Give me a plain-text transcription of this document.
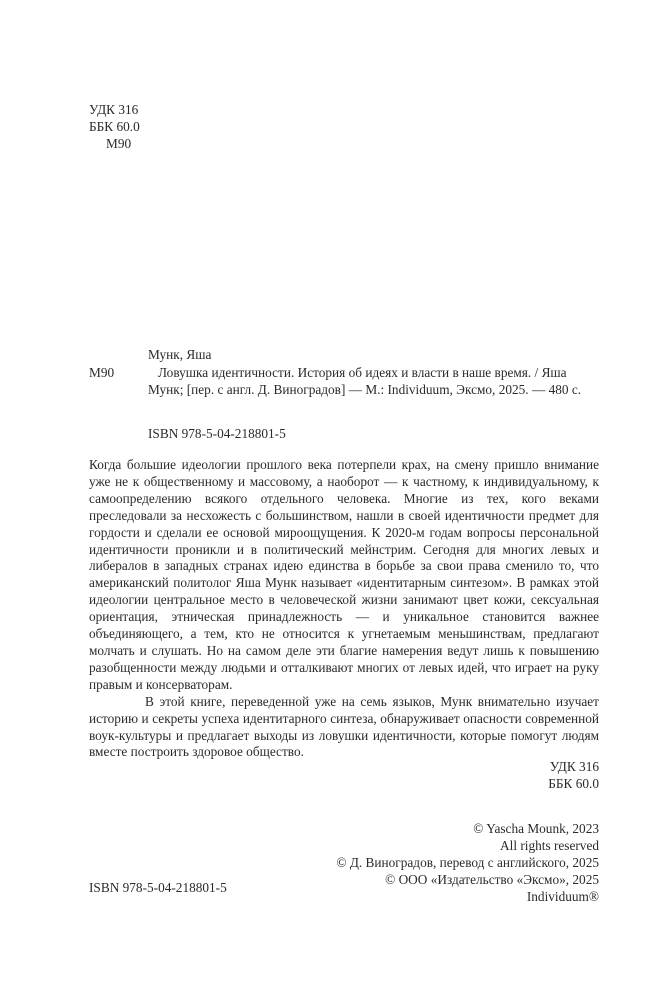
УДК 316
ББК 60.0
М90
Мунк, Яша
М90	Ловушка идентичности. История об идеях и власти в наше время. / Яша Мунк; [пер. с англ. Д. Виноградов] — М.: Individuum, Эксмо, 2025. — 480 с.
ISBN 978-5-04-218801-5

Когда большие идеологии прошлого века потерпели крах, на смену пришло внимание уже не к общественному и массовому, а наоборот — к частному, к индивидуальному, к самоопределению всякого отдельного человека. Многие из тех, кого веками преследовали за несхожесть с большинством, нашли в своей идентичности предмет для гордости и сделали ее основой мироощущения. К 2020-м годам вопросы персональной идентичности проникли и в политический мейнстрим. Сегодня для многих левых и либералов в западных странах идею единства в борьбе за свои права сменило то, что американский политолог Яша Мунк называет «идентитарным синтезом». В рамках этой идеологии центральное место в человеческой жизни занимают цвет кожи, сексуальная ориентация, этническая принадлежность — и уникальное становится важнее объединяющего, а тем, кто не относится к угнетаемым меньшинствам, предлагают молчать и слушать. Но на самом деле эти благие намерения ведут лишь к повышению разобщенности между людьми и отталкивают многих от левых идей, что играет на руку правым и консерваторам.

В этой книге, переведенной уже на семь языков, Мунк внимательно изучает историю и секреты успеха идентитарного синтеза, обнаруживает опасности современной воук-культуры и предлагает выходы из ловушки идентичности, которые помогут людям вместе построить здоровое общество.

УДК 316
ББК 60.0
© Yascha Mounk, 2023
All rights reserved
© Д. Виноградов, перевод с английского, 2025
© ООО «Издательство «Эксмо», 2025
Individuum®
ISBN 978-5-04-218801-5
